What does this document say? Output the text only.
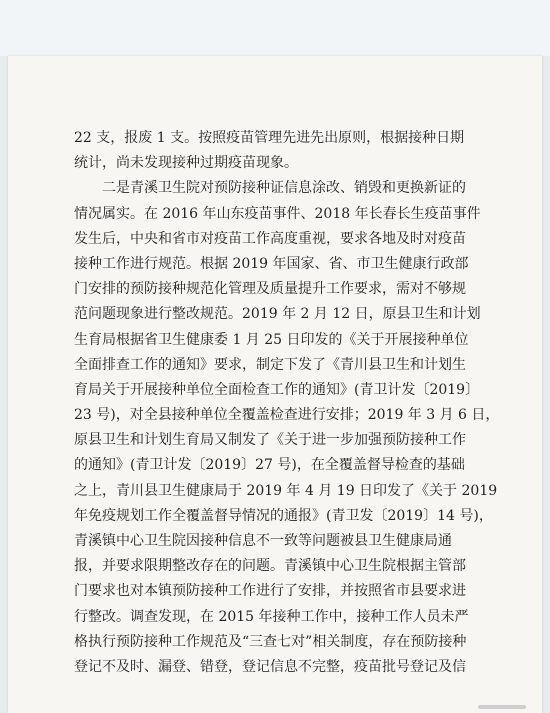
22 支，报废 1 支。按照疫苗管理先进先出原则，根据接种日期
统计，尚未发现接种过期疫苗现象。
二是青溪卫生院对预防接种证信息涂改、销毁和更换新证的
情况属实。在 2016 年山东疫苗事件、2018 年长春长生疫苗事件
发生后，中央和省市对疫苗工作高度重视，要求各地及时对疫苗
接种工作进行规范。根据 2019 年国家、省、市卫生健康行政部
门安排的预防接种规范化管理及质量提升工作要求，需对不够规
范问题现象进行整改规范。2019 年 2 月 12 日，原县卫生和计划
生育局根据省卫生健康委 1 月 25 日印发的《关于开展接种单位
全面排查工作的通知》要求，制定下发了《青川县卫生和计划生
育局关于开展接种单位全面检查工作的通知》(青卫计发〔2019〕
23 号)，对全县接种单位全覆盖检查进行安排；2019 年 3 月 6 日，
原县卫生和计划生育局又制发了《关于进一步加强预防接种工作
的通知》(青卫计发〔2019〕27 号)，在全覆盖督导检查的基础
之上，青川县卫生健康局于 2019 年 4 月 19 日印发了《关于 2019
年免疫规划工作全覆盖督导情况的通报》(青卫发〔2019〕14 号)，
青溪镇中心卫生院因接种信息不一致等问题被县卫生健康局通
报，并要求限期整改存在的问题。青溪镇中心卫生院根据主管部
门要求也对本镇预防接种工作进行了安排，并按照省市县要求进
行整改。调查发现，在 2015 年接种工作中，接种工作人员未严
格执行预防接种工作规范及“三查七对”相关制度，存在预防接种
登记不及时、漏登、错登，登记信息不完整，疫苗批号登记及信
